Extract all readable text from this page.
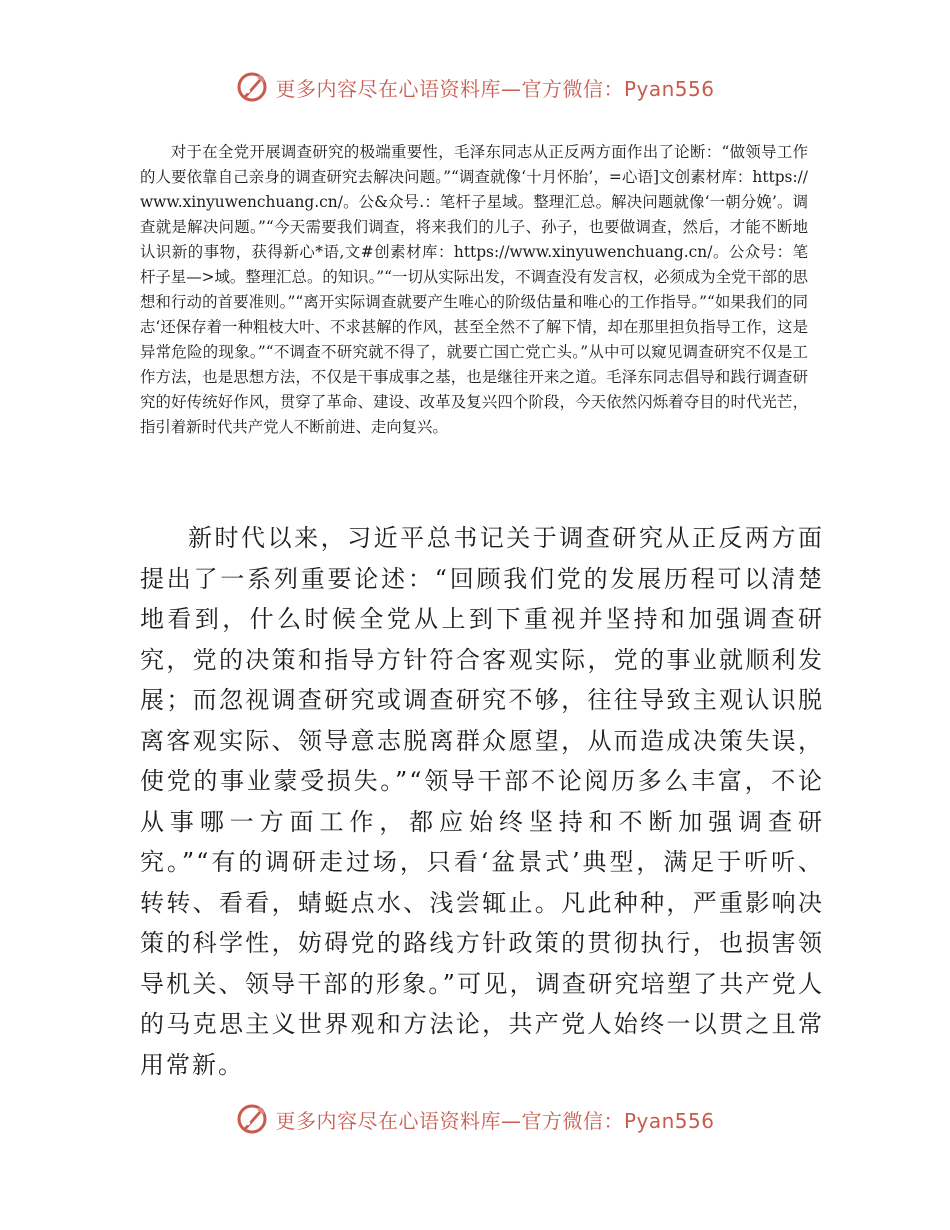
更多内容尽在心语资料库—官方微信：Pyan556

对于在全党开展调查研究的极端重要性，毛泽东同志从正反两方面作出了论断：“做领导工作的人要依靠自己亲身的调查研究去解决问题。”“调查就像‘十月怀胎’，=心语]文创素材库：https://www.xinyuwenchuang.cn/。公&众号.：笔杆子星域。整理汇总。解决问题就像‘一朝分娩’。调查就是解决问题。”“今天需要我们调查，将来我们的儿子、孙子，也要做调查，然后，才能不断地认识新的事物，获得新心*语,文#创素材库：https://www.xinyuwenchuang.cn/。公众号：笔杆子星—>域。整理汇总。的知识。”“一切从实际出发，不调查没有发言权，必须成为全党干部的思想和行动的首要准则。”“离开实际调查就要产生唯心的阶级估量和唯心的工作指导。”“如果我们的同志‘还保存着一种粗枝大叶、不求甚解的作风，甚至全然不了解下情，却在那里担负指导工作，这是异常危险的现象。”“不调查不研究就不得了，就要亡国亡党亡头。”从中可以窥见调查研究不仅是工作方法，也是思想方法，不仅是干事成事之基，也是继往开来之道。毛泽东同志倡导和践行调查研究的好传统好作风，贯穿了革命、建设、改革及复兴四个阶段，今天依然闪烁着夺目的时代光芒，指引着新时代共产党人不断前进、走向复兴。

新时代以来，习近平总书记关于调查研究从正反两方面提出了一系列重要论述：“回顾我们党的发展历程可以清楚地看到，什么时候全党从上到下重视并坚持和加强调查研究，党的决策和指导方针符合客观实际，党的事业就顺利发展；而忽视调查研究或调查研究不够，往往导致主观认识脱离客观实际、领导意志脱离群众愿望，从而造成决策失误，使党的事业蒙受损失。”“领导干部不论阅历多么丰富，不论从事哪一方面工作，都应始终坚持和不断加强调查研究。”“有的调研走过场，只看‘盆景式’典型，满足于听听、转转、看看，蜻蜓点水、浅尝辄止。凡此种种，严重影响决策的科学性，妨碍党的路线方针政策的贯彻执行，也损害领导机关、领导干部的形象。”可见，调查研究培塑了共产党人的马克思主义世界观和方法论，共产党人始终一以贯之且常用常新。

更多内容尽在心语资料库—官方微信：Pyan556
